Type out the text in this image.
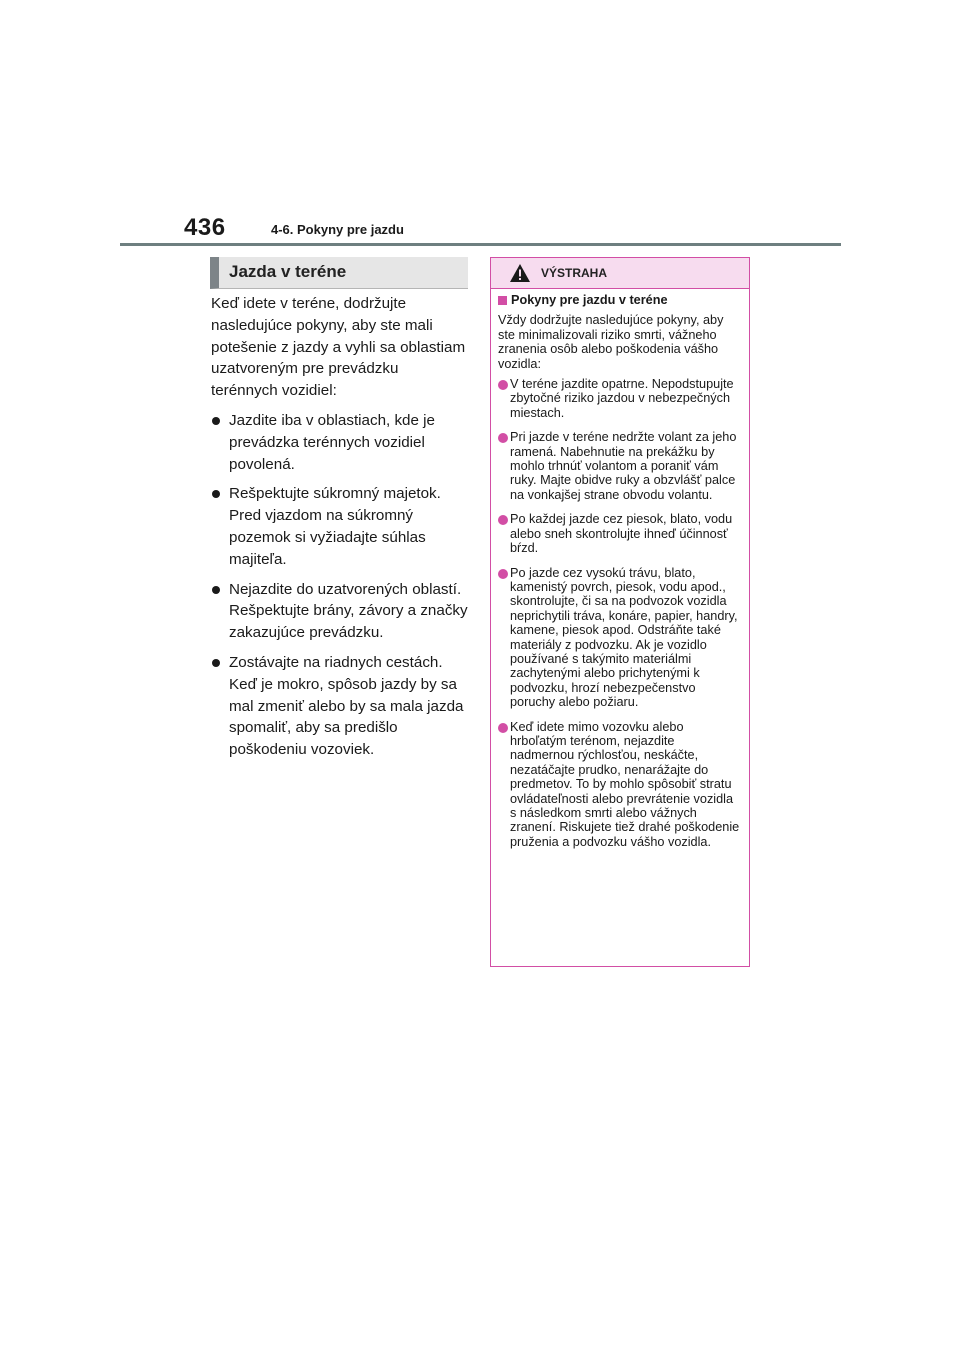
436	4-6. Pokyny pre jazdu
Jazda v teréne

Keď idete v teréne, dodržujte nasledujúce pokyny, aby ste mali potešenie z jazdy a vyhli sa oblastiam uzatvoreným pre prevádzku terénnych vozidiel:

Jazdite iba v oblastiach, kde je prevádzka terénnych vozidiel povolená.
Rešpektujte súkromný majetok. Pred vjazdom na súkromný pozemok si vyžiadajte súhlas majiteľa.
Nejazdite do uzatvorených oblastí. Rešpektujte brány, závory a značky zakazujúce prevádzku.
Zostávajte na riadnych cestách. Keď je mokro, spôsob jazdy by sa mal zmeniť alebo by sa mala jazda spomaliť, aby sa predišlo poškodeniu vozoviek.
VÝSTRAHA
Pokyny pre jazdu v teréne

Vždy dodržujte nasledujúce pokyny, aby ste minimalizovali riziko smrti, vážneho zranenia osôb alebo poškodenia vášho vozidla:

V teréne jazdite opatrne. Nepodstupujte zbytočné riziko jazdou v nebezpečných miestach.
Pri jazde v teréne nedržte volant za jeho ramená. Nabehnutie na prekážku by mohlo trhnúť volantom a poraniť vám ruky. Majte obidve ruky a obzvlášť palce na vonkajšej strane obvodu volantu.
Po každej jazde cez piesok, blato, vodu alebo sneh skontrolujte ihneď účinnosť bŕzd.
Po jazde cez vysokú trávu, blato, kamenistý povrch, piesok, vodu apod., skontrolujte, či sa na podvozok vozidla neprichytili tráva, konáre, papier, handry, kamene, piesok apod. Odstráňte také materiály z podvozku. Ak je vozidlo používané s takýmito materiálmi zachytenými alebo prichytenými k podvozku, hrozí nebezpečenstvo poruchy alebo požiaru.
Keď idete mimo vozovku alebo hrboľatým terénom, nejazdite nadmernou rýchlosťou, neskáčte, nezatáčajte prudko, nenarážajte do predmetov. To by mohlo spôsobiť stratu ovládateľnosti alebo prevrátenie vozidla s následkom smrti alebo vážnych zranení. Riskujete tiež drahé poškodenie pruženia a podvozku vášho vozidla.
